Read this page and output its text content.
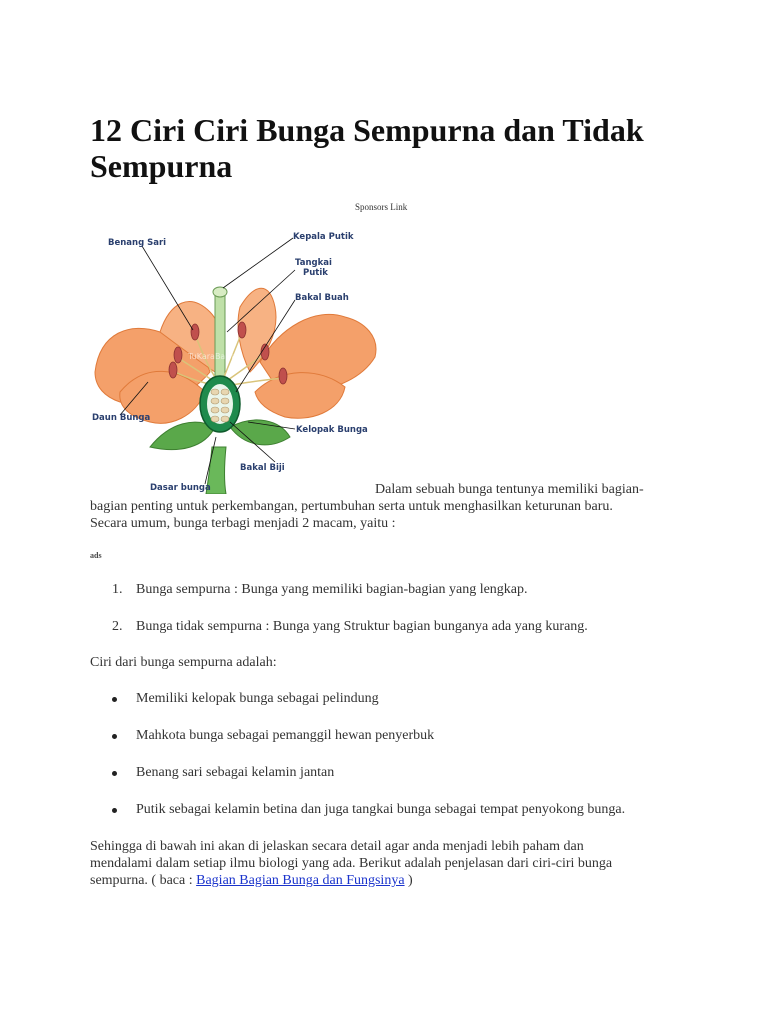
12 Ciri Ciri Bunga Sempurna dan Tidak Sempurna
Sponsors Link
TuKaraBaGan
Benang Sari
Kepala Putik
Tangkai
Putik
Bakal Buah
Daun Bunga
Kelopak Bunga
Bakal Biji
Dasar bunga	Dalam sebuah bunga tentunya memiliki bagian-

bagian penting untuk perkembangan, pertumbuhan serta untuk menghasilkan keturunan baru.
Secara umum, bunga terbagi menjadi 2 macam, yaitu :

ads
1. Bunga sempurna : Bunga yang memiliki bagian-bagian yang lengkap.
2. Bunga tidak sempurna : Bunga yang Struktur bagian bunganya ada yang kurang.

Ciri dari bunga sempurna adalah:

Memiliki kelopak bunga sebagai pelindung
Mahkota bunga sebagai pemanggil hewan penyerbuk
Benang sari sebagai kelamin jantan
Putik sebagai kelamin betina dan juga tangkai bunga sebagai tempat penyokong bunga.

Sehingga di bawah ini akan di jelaskan secara detail agar anda menjadi lebih paham dan
mendalami dalam setiap ilmu biologi yang ada. Berikut adalah penjelasan dari ciri-ciri bunga
sempurna. ( baca : Bagian Bagian Bunga dan Fungsinya )
